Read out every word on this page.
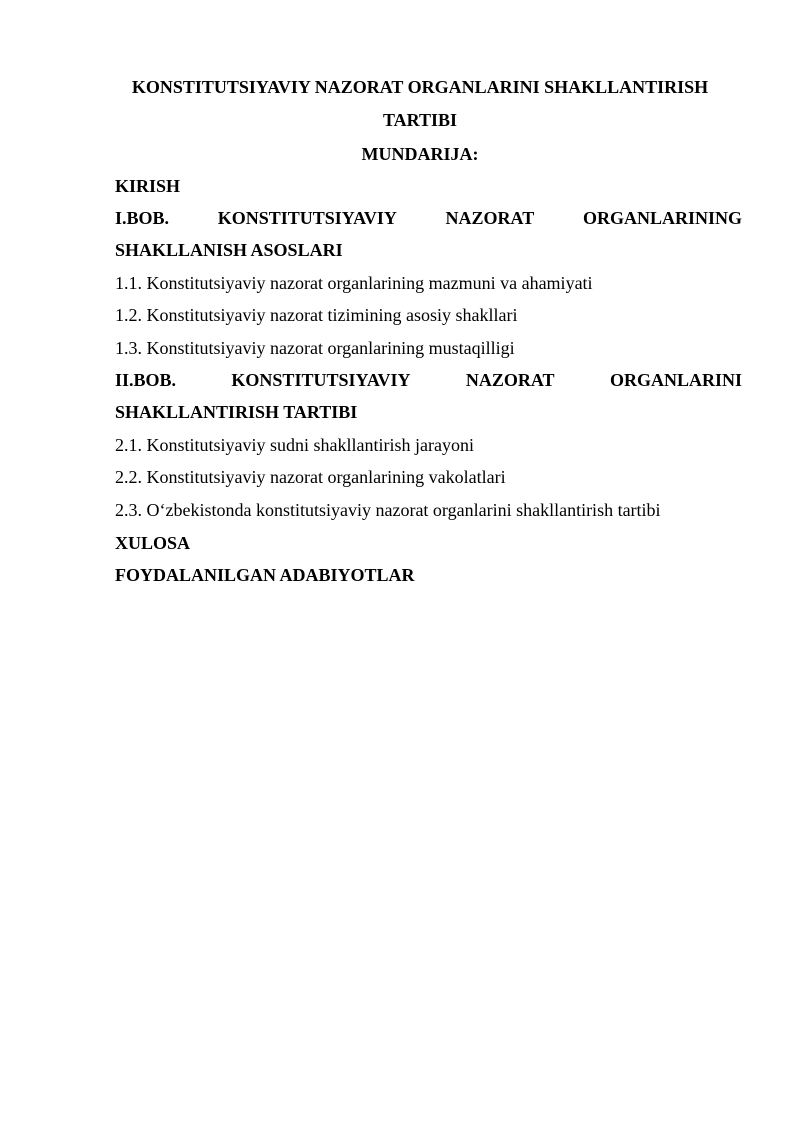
KONSTITUTSIYAVIY NAZORAT ORGANLARINI SHAKLLANTIRISH
TARTIBI
MUNDARIJA:
KIRISH
I.BOB.	KONSTITUTSIYAVIY	NAZORAT	ORGANLARINING
SHAKLLANISH ASOSLARI
1.1. Konstitutsiyaviy nazorat organlarining mazmuni va ahamiyati
1.2. Konstitutsiyaviy nazorat tizimining asosiy shakllari
1.3. Konstitutsiyaviy nazorat organlarining mustaqilligi
II.BOB.	KONSTITUTSIYAVIY	NAZORAT	ORGANLARINI
SHAKLLANTIRISH TARTIBI
2.1. Konstitutsiyaviy sudni shakllantirish jarayoni
2.2. Konstitutsiyaviy nazorat organlarining vakolatlari
2.3. O‘zbekistonda konstitutsiyaviy nazorat organlarini shakllantirish tartibi
XULOSA
FOYDALANILGAN ADABIYOTLAR
